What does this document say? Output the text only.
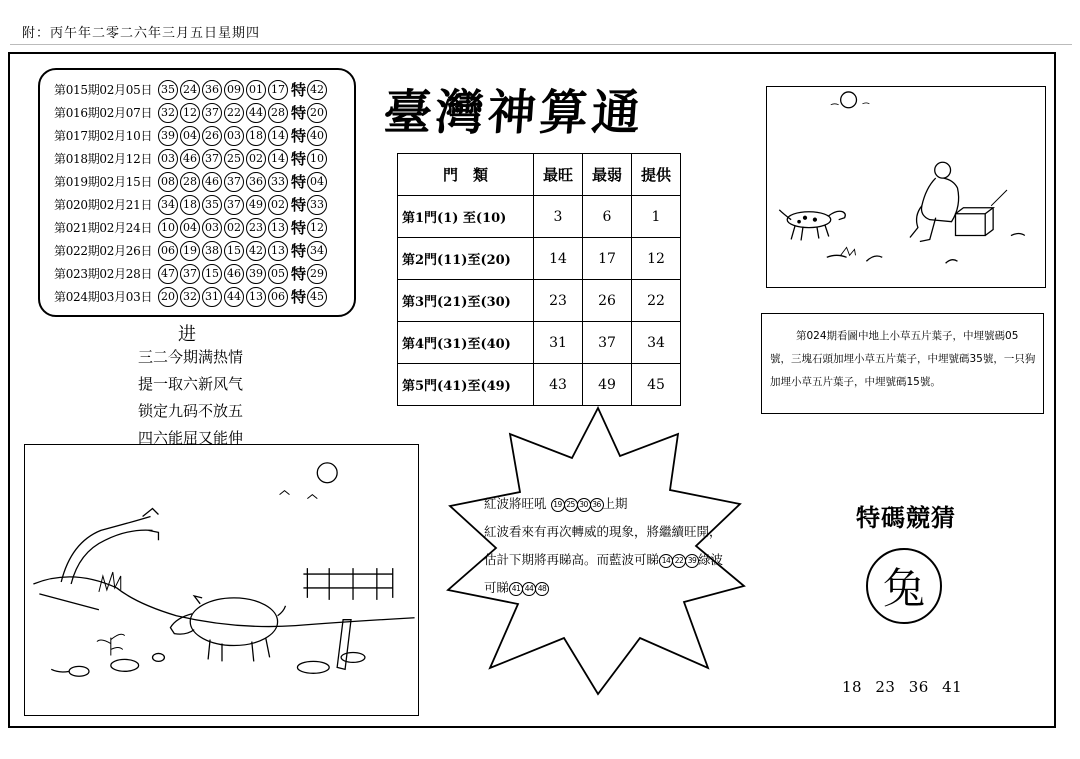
附：丙午年二零二六年三月五日星期四
第015期02月05日 35 24 36 09 01 17 特 42
第016期02月07日 32 12 37 22 44 28 特 20
第017期02月10日 39 04 26 03 18 14 特 40
第018期02月12日 03 46 37 25 02 14 特 10
第019期02月15日 08 28 46 37 36 33 特 04
第020期02月21日 34 18 35 37 49 02 特 33
第021期02月24日 10 04 03 02 23 13 特 12
第022期02月26日 06 19 38 15 42 13 特 34
第023期02月28日 47 37 15 46 39 05 特 29
第024期03月03日 20 32 31 44 13 06 特 45
进
三二今期满热情
提一取六新风气
锁定九码不放五
四六能屈又能伸
臺灣神算通
門　類	最旺	最弱	提供
第1門(1) 至(10)	3	6	1
第2門(11)至(20)	14	17	12
第3門(21)至(30)	23	26	22
第4門(31)至(40)	31	37	34
第5門(41)至(49)	43	49	45
第024期看圖中地上小草五片葉子，中埋號碼05號，三塊石頭加埋小草五片葉子，中埋號碼35號，一只狗加埋小草五片葉子，中埋號碼15號。
紅波將旺吼 19 25 30 36 上期
紅波看來有再次轉威的現象，將繼續旺開，估計下期將再睇高。而藍波可睇 14 22 39 綠波可睇 41 44 48
特碼競猜
兔
18 23 36 41
